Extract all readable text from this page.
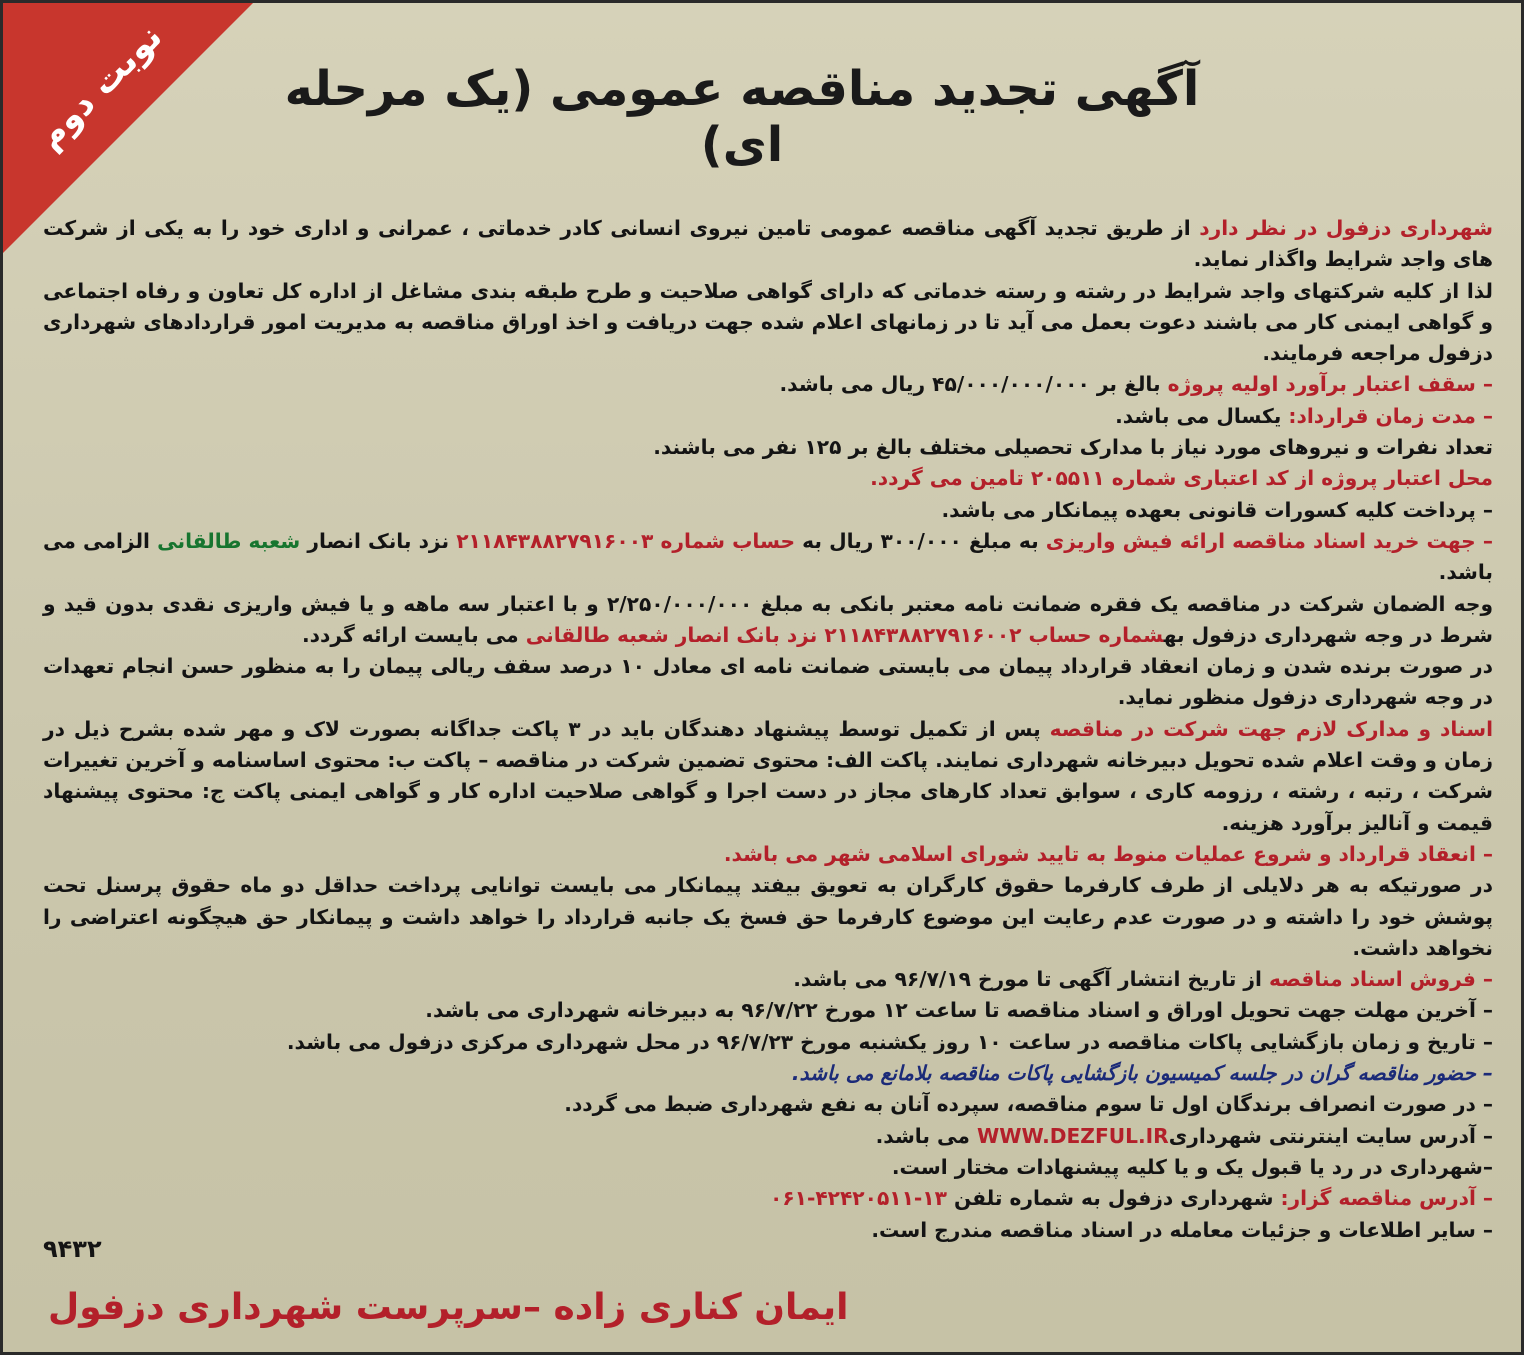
نوبت دوم	آگهی تجدید مناقصه عمومی (یک مرحله ای)

شهرداری دزفول در نظر دارد از طریق تجدید آگهی مناقصه عمومی تامین نیروی انسانی کادر خدماتی ، عمرانی و اداری خود را به یکی از شرکت های واجد شرایط واگذار نماید.

لذا از کلیه شرکتهای واجد شرایط در رشته و رسته خدماتی که دارای گواهی صلاحیت و طرح طبقه بندی مشاغل از اداره کل تعاون و رفاه اجتماعی و گواهی ایمنی کار می باشند دعوت بعمل می آید تا در زمانهای اعلام شده جهت دریافت و اخذ اوراق مناقصه به مدیریت امور قراردادهای شهرداری دزفول مراجعه فرمایند.

– سقف اعتبار برآورد اولیه پروژه بالغ بر ۴۵/۰۰۰/۰۰۰/۰۰۰ ریال می باشد.

– مدت زمان قرارداد: یکسال می باشد.

تعداد نفرات و نیروهای مورد نیاز با مدارک تحصیلی مختلف بالغ بر ۱۲۵ نفر می باشند.

محل اعتبار پروژه از کد اعتباری شماره ۲۰۵۵۱۱ تامین می گردد.

– پرداخت کلیه کسورات قانونی بعهده پیمانکار می باشد.

– جهت خرید اسناد مناقصه ارائه فیش واریزی به مبلغ ۳۰۰/۰۰۰ ریال به حساب شماره ۲۱۱۸۴۳۸۸۲۷۹۱۶۰۰۳ نزد بانک انصار شعبه طالقانی الزامی می باشد.

وجه الضمان شرکت در مناقصه یک فقره ضمانت نامه معتبر بانکی به مبلغ ۲/۲۵۰/۰۰۰/۰۰۰ و با اعتبار سه ماهه و یا فیش واریزی نقدی بدون قید و شرط در وجه شهرداری دزفول بهشماره حساب ۲۱۱۸۴۳۸۸۲۷۹۱۶۰۰۲ نزد بانک انصار شعبه طالقانی می بایست ارائه گردد.

در صورت برنده شدن و زمان انعقاد قرارداد پیمان می بایستی ضمانت نامه ای معادل ۱۰ درصد سقف ریالی پیمان را به منظور حسن انجام تعهدات در وجه شهرداری دزفول منظور نماید.

اسناد و مدارک لازم جهت شرکت در مناقصه پس از تکمیل توسط پیشنهاد دهندگان باید در ۳ پاکت جداگانه بصورت لاک و مهر شده بشرح ذیل در زمان و وقت اعلام شده تحویل دبیرخانه شهرداری نمایند. پاکت الف: محتوی تضمین شرکت در مناقصه – پاکت ب: محتوی اساسنامه و آخرین تغییرات شرکت ، رتبه ، رشته ، رزومه کاری ، سوابق تعداد کارهای مجاز در دست اجرا و گواهی صلاحیت اداره کار و گواهی ایمنی پاکت ج: محتوی پیشنهاد قیمت و آنالیز برآورد هزینه.

– انعقاد قرارداد و شروع عملیات منوط به تایید شورای اسلامی شهر می باشد.

در صورتیکه به هر دلایلی از طرف کارفرما حقوق کارگران به تعویق بیفتد پیمانکار می بایست توانایی پرداخت حداقل دو ماه حقوق پرسنل تحت پوشش خود را داشته و در صورت عدم رعایت این موضوع کارفرما حق فسخ یک جانبه قرارداد را خواهد داشت و پیمانکار حق هیچگونه اعتراضی را نخواهد داشت.

– فروش اسناد مناقصه از تاریخ انتشار آگهی تا مورخ ۹۶/۷/۱۹ می باشد.

– آخرین مهلت جهت تحویل اوراق و اسناد مناقصه تا ساعت ۱۲ مورخ ۹۶/۷/۲۲ به دبیرخانه شهرداری می باشد.

– تاریخ و زمان بازگشایی پاکات مناقصه در ساعت ۱۰ روز یکشنبه مورخ ۹۶/۷/۲۳ در محل شهرداری مرکزی دزفول می باشد.

– حضور مناقصه گران در جلسه کمیسیون بازگشایی پاکات مناقصه بلامانع می باشد.

– در صورت انصراف برندگان اول تا سوم مناقصه، سپرده آنان به نفع شهرداری ضبط می گردد.

– آدرس سایت اینترنتی شهرداریWWW.DEZFUL.IR می باشد.

–شهرداری در رد یا قبول یک و یا کلیه پیشنهادات مختار است.

– آدرس مناقصه گزار: شهرداری دزفول به شماره تلفن ۰۶۱-۴۲۴۲۰۵۱۱-۱۳

– سایر اطلاعات و جزئیات معامله در اسناد مناقصه مندرج است.

۹۴۳۲
ایمان کناری زاده –سرپرست شهرداری دزفول
